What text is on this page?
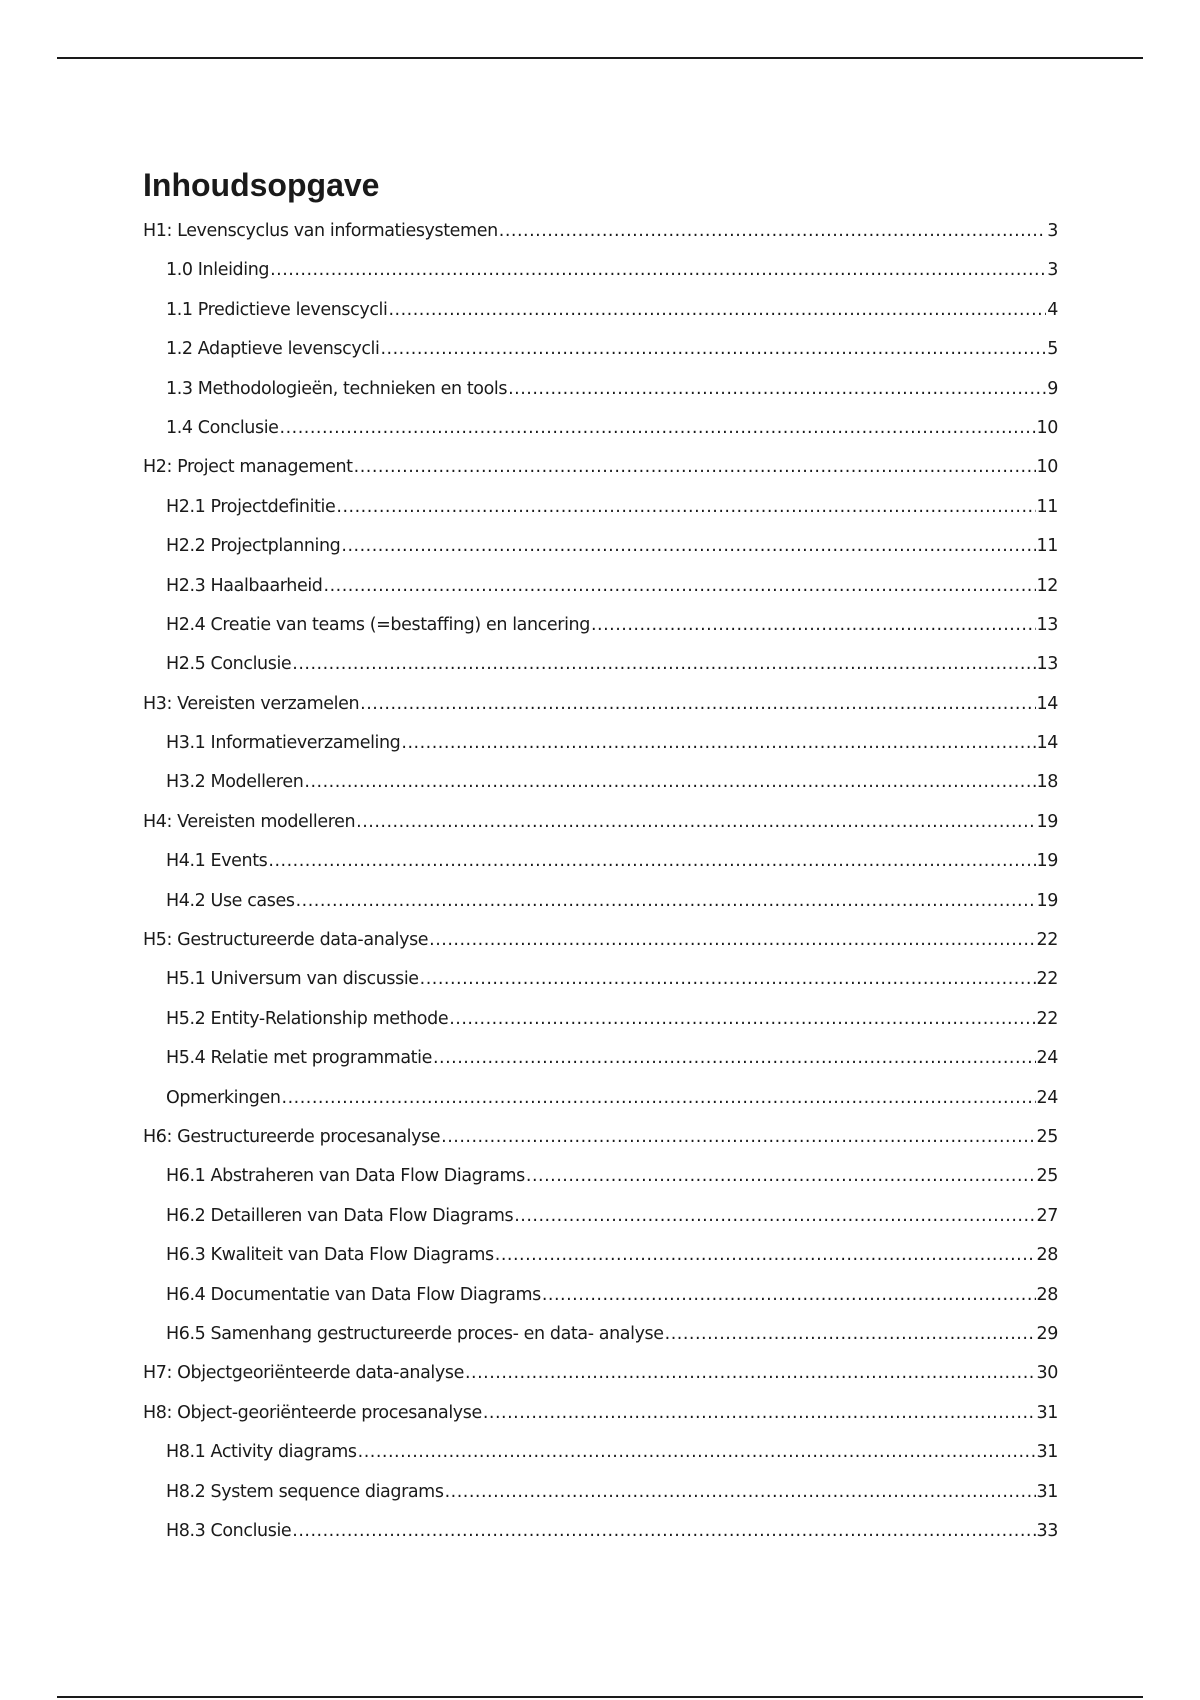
Inhoudsopgave
H1: Levenscyclus van informatiesystemen .....	3
1.0 Inleiding .....	3
1.1 Predictieve levenscycli .....	4
1.2 Adaptieve levenscycli .....	5
1.3 Methodologieën, technieken en tools .....	9
1.4 Conclusie .....	10
H2: Project management .....	10
H2.1 Projectdefinitie .....	11
H2.2 Projectplanning .....	11
H2.3 Haalbaarheid .....	12
H2.4 Creatie van teams (=bestaffing) en lancering .....	13
H2.5 Conclusie .....	13
H3: Vereisten verzamelen .....	14
H3.1 Informatieverzameling .....	14
H3.2 Modelleren .....	18
H4: Vereisten modelleren .....	19
H4.1 Events .....	19
H4.2 Use cases .....	19
H5: Gestructureerde data-analyse .....	22
H5.1 Universum van discussie .....	22
H5.2 Entity-Relationship methode .....	22
H5.4 Relatie met programmatie .....	24
Opmerkingen .....	24
H6: Gestructureerde procesanalyse .....	25
H6.1 Abstraheren van Data Flow Diagrams .....	25
H6.2 Detailleren van Data Flow Diagrams .....	27
H6.3 Kwaliteit van Data Flow Diagrams .....	28
H6.4 Documentatie van Data Flow Diagrams .....	28
H6.5 Samenhang gestructureerde proces- en data- analyse .....	29
H7: Objectgeoriënteerde data-analyse .....	30
H8: Object-georiënteerde procesanalyse .....	31
H8.1 Activity diagrams .....	31
H8.2 System sequence diagrams .....	31
H8.3 Conclusie .....	33
